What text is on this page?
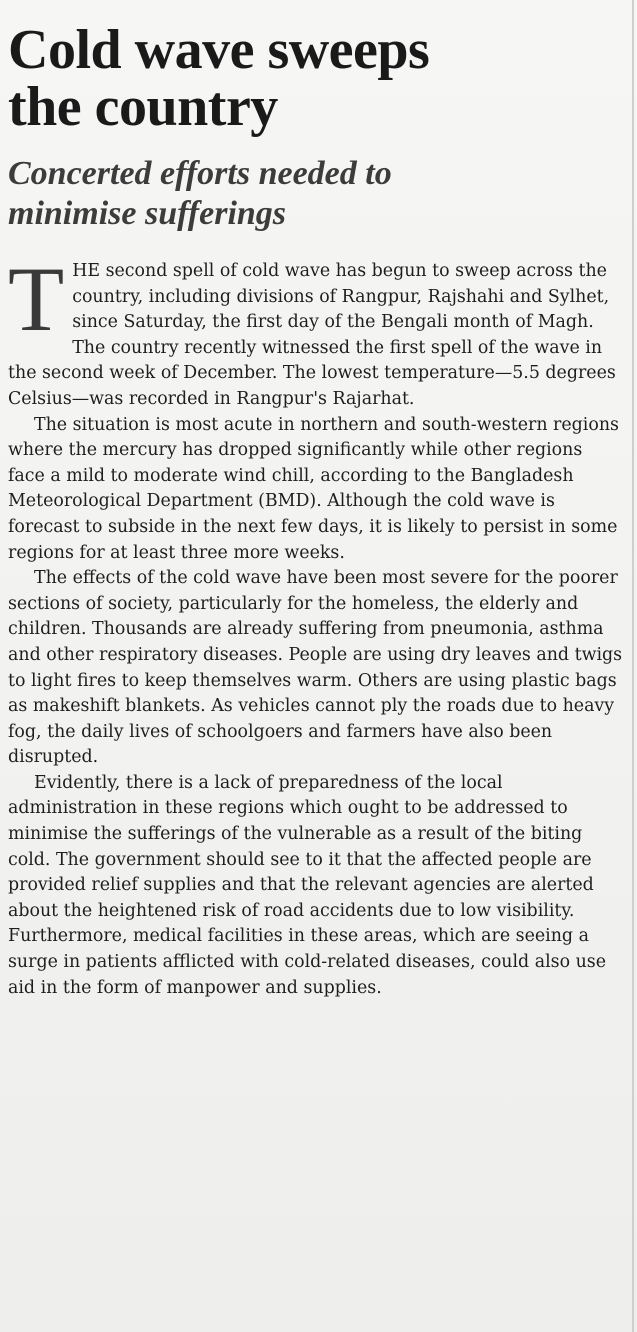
Cold wave sweeps
the country
Concerted efforts needed to
minimise sufferings

THE second spell of cold wave has begun to sweep across the country, including divisions of Rangpur, Rajshahi and Sylhet, since Saturday, the first day of the Bengali month of Magh. The country recently witnessed the first spell of the wave in the second week of December. The lowest temperature—5.5 degrees Celsius—was recorded in Rangpur's Rajarhat.

The situation is most acute in northern and south-western regions where the mercury has dropped significantly while other regions face a mild to moderate wind chill, according to the Bangladesh Meteorological Department (BMD). Although the cold wave is forecast to subside in the next few days, it is likely to persist in some regions for at least three more weeks.

The effects of the cold wave have been most severe for the poorer sections of society, particularly for the homeless, the elderly and children. Thousands are already suffering from pneumonia, asthma and other respiratory diseases. People are using dry leaves and twigs to light fires to keep themselves warm. Others are using plastic bags as makeshift blankets. As vehicles cannot ply the roads due to heavy fog, the daily lives of schoolgoers and farmers have also been disrupted.

Evidently, there is a lack of preparedness of the local administration in these regions which ought to be addressed to minimise the sufferings of the vulnerable as a result of the biting cold. The government should see to it that the affected people are provided relief supplies and that the relevant agencies are alerted about the heightened risk of road accidents due to low visibility. Furthermore, medical facilities in these areas, which are seeing a surge in patients afflicted with cold-related diseases, could also use aid in the form of manpower and supplies.
